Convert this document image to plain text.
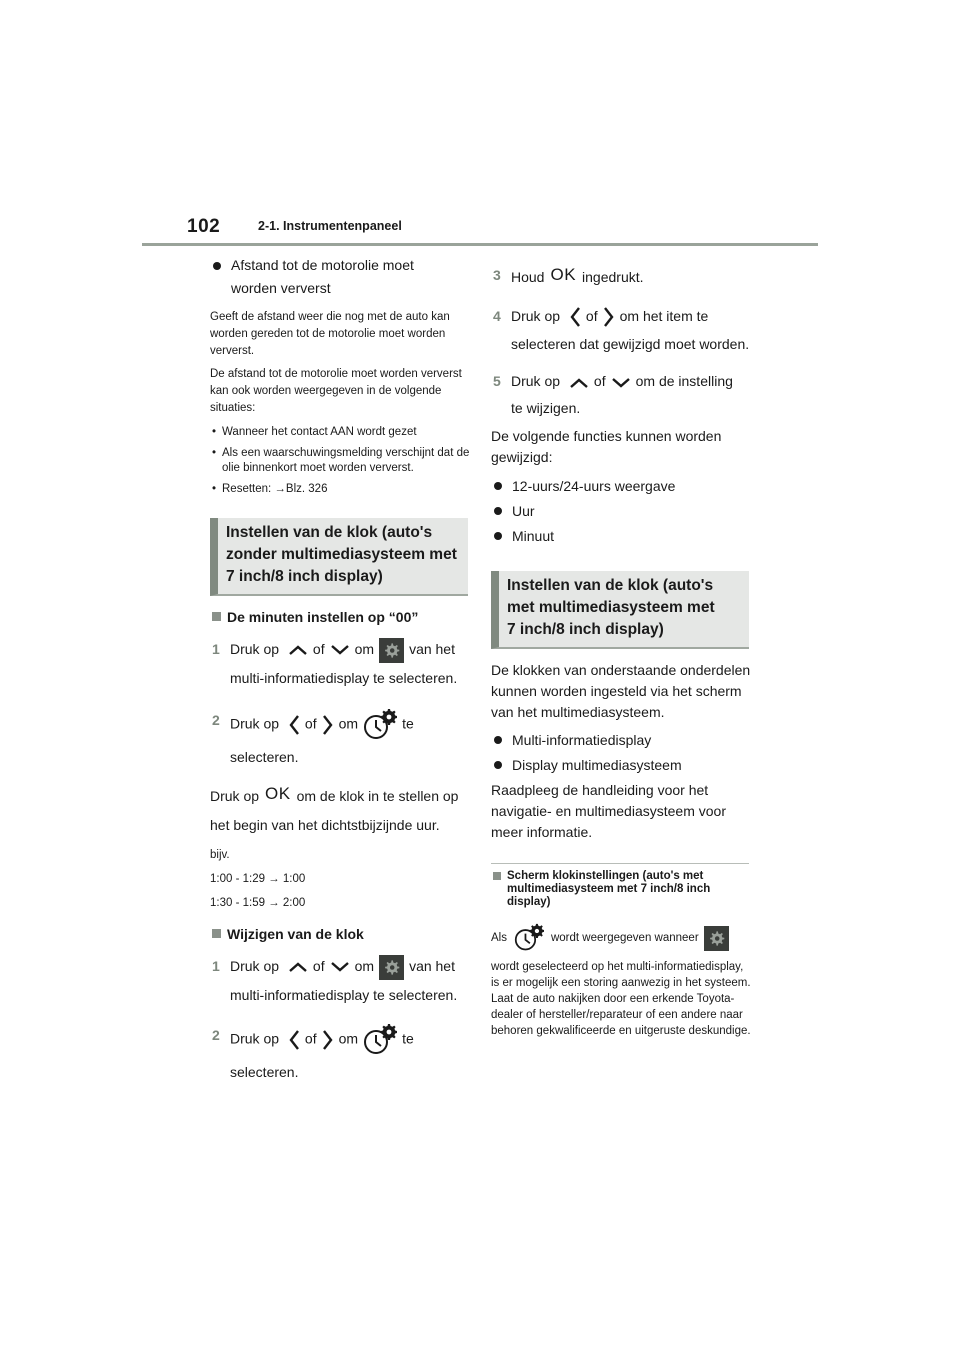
102	2-1. Instrumentenpaneel
Afstand tot de motorolie moet worden ververst

Geeft de afstand weer die nog met de auto kan worden gereden tot de motorolie moet worden ververst.

De afstand tot de motorolie moet worden ververst kan ook worden weergegeven in de volgende situaties:

• Wanneer het contact AAN wordt gezet
• Als een waarschuwingsmelding verschijnt dat de olie binnenkort moet worden ververst.
• Resetten: →Blz. 326
Instellen van de klok (auto's
zonder multimediasysteem met
7 inch/8 inch display)
De minuten instellen op “00”
1 Druk op of om	van het
multi-informatiedisplay te selecteren.
2 Druk op of om	te
selecteren.
Druk op OK om de klok in te stellen op
het begin van het dichtstbijzijnde uur.

bijv.

1:00 - 1:29 → 1:00

1:30 - 1:59 → 2:00

Wijzigen van de klok
1 Druk op of om	van het
multi-informatiedisplay te selecteren.
2 Druk op of om	te
selecteren.
3 Houd OK ingedrukt.
4 Druk op of om het item te
selecteren dat gewijzigd moet worden.
5 Druk op of om de instelling
te wijzigen.

De volgende functies kunnen worden gewijzigd:

12-uurs/24-uurs weergave
Uur
Minuut
Instellen van de klok (auto's
met multimediasysteem met
7 inch/8 inch display)

De klokken van onderstaande onderdelen kunnen worden ingesteld via het scherm van het multimediasysteem.

Multi-informatiedisplay
Display multimediasysteem

Raadpleeg de handleiding voor het navigatie- en multimediasysteem voor meer informatie.

Scherm klokinstellingen (auto's met multimediasysteem met 7 inch/8 inch display)
Als	wordt weergegeven wanneer

wordt geselecteerd op het multi-informatiedisplay, is er mogelijk een storing aanwezig in het systeem. Laat de auto nakijken door een erkende Toyota-dealer of hersteller/reparateur of een andere naar behoren gekwalificeerde en uitgeruste deskundige.
